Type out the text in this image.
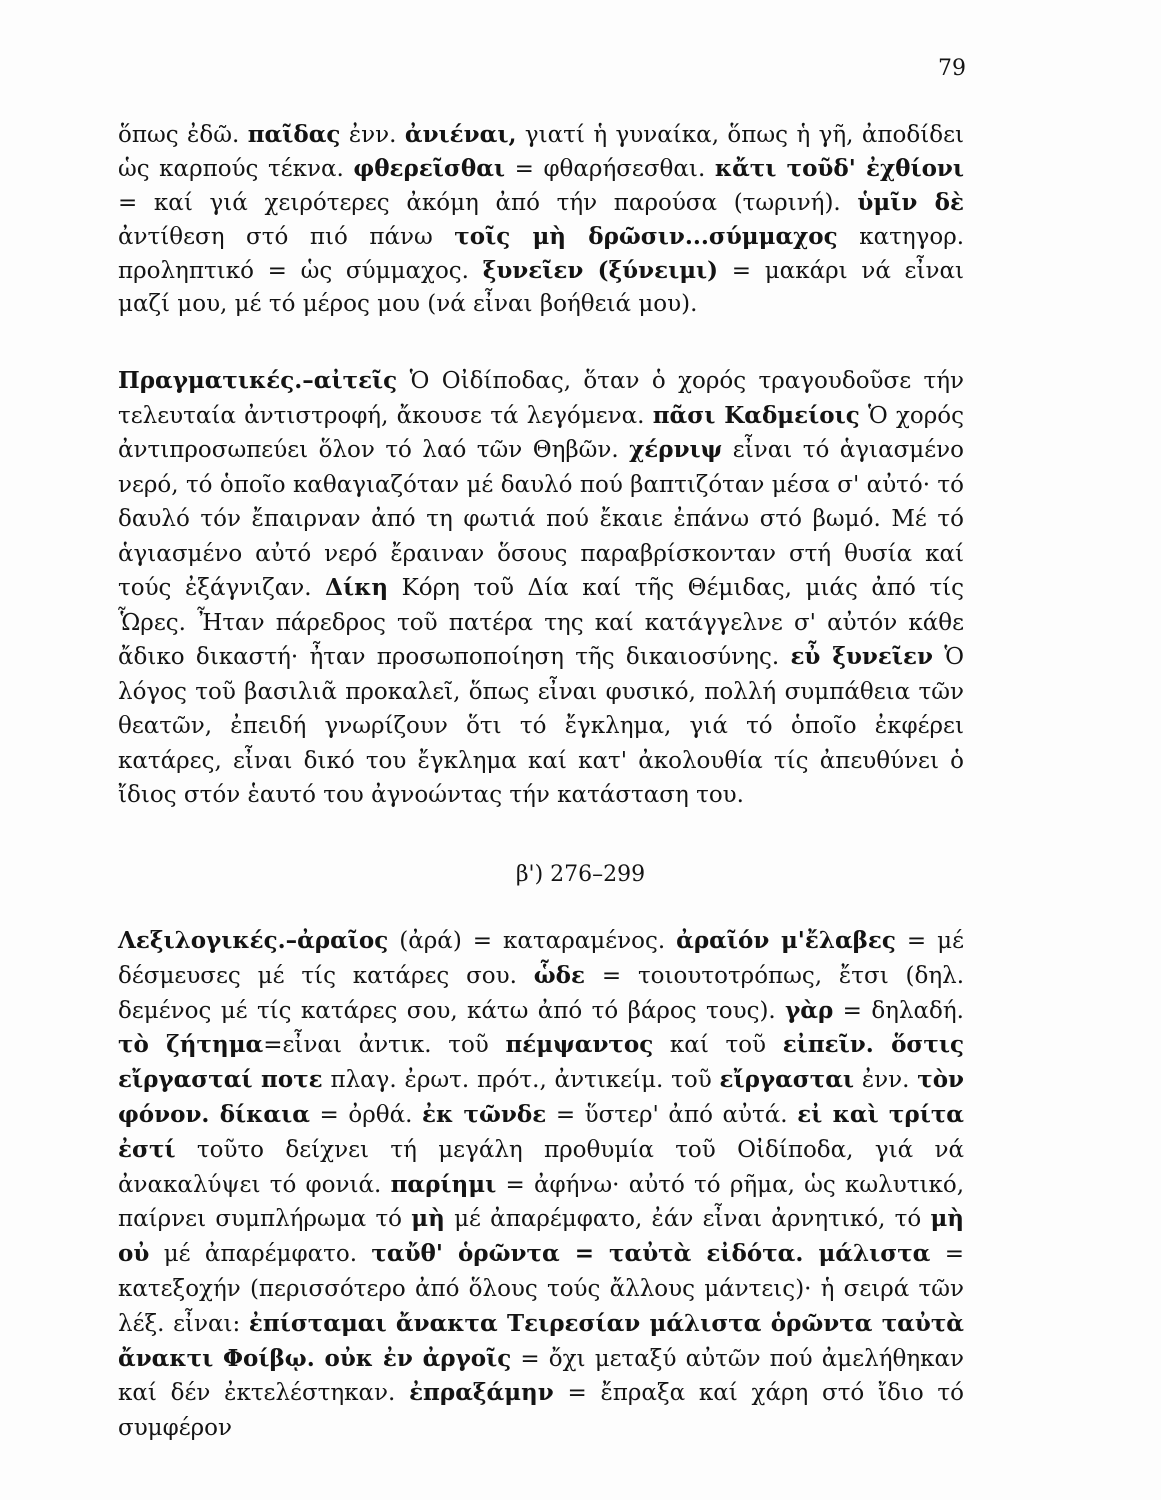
79

ὅπως ἐδῶ. παῖδας ἐνν. ἀνιέναι, γιατί ἡ γυναίκα, ὅπως ἡ γῆ, ἀποδίδει ὡς καρπούς τέκνα. φθερεῖσθαι = φθαρήσεσθαι. κἄτι τοῦδ' ἐχθίονι = καί γιά χειρότερες ἀκόμη ἀπό τήν παρούσα (τωρινή). ὑμῖν δὲ ἀντίθεση στό πιό πάνω τοῖς μὴ δρῶσιν...σύμμαχος κατηγορ. προληπτικό = ὡς σύμμαχος. ξυνεῖεν (ξύνειμι) = μακάρι νά εἶναι μαζί μου, μέ τό μέρος μου (νά εἶναι βοήθειά μου).

Πραγματικές.–αἰτεῖς Ὁ Οἰδίποδας, ὅταν ὁ χορός τραγουδοῦσε τήν τελευταία ἀντιστροφή, ἄκουσε τά λεγόμενα. πᾶσι Καδμείοις Ὁ χορός ἀντιπροσωπεύει ὅλον τό λαό τῶν Θηβῶν. χέρνιψ εἶναι τό ἁγιασμένο νερό, τό ὁποῖο καθαγιαζόταν μέ δαυλό πού βαπτιζόταν μέσα σ' αὐτό· τό δαυλό τόν ἔπαιρναν ἀπό τη φωτιά πού ἔκαιε ἐπάνω στό βωμό. Μέ τό ἁγιασμένο αὐτό νερό ἔραιναν ὅσους παραβρίσκονταν στή θυσία καί τούς ἐξάγνιζαν. Δίκη Κόρη τοῦ Δία καί τῆς Θέμιδας, μιάς ἀπό τίς Ὧρες. Ἦταν πάρεδρος τοῦ πατέρα της καί κατάγγελνε σ' αὐτόν κάθε ἄδικο δικαστή· ἦταν προσωποποίηση τῆς δικαιοσύνης. εὖ ξυνεῖεν Ὁ λόγος τοῦ βασιλιᾶ προκαλεῖ, ὅπως εἶναι φυσικό, πολλή συμπάθεια τῶν θεατῶν, ἐπειδή γνωρίζουν ὅτι τό ἔγκλημα, γιά τό ὁποῖο ἐκφέρει κατάρες, εἶναι δικό του ἔγκλημα καί κατ' ἀκολουθία τίς ἀπευθύνει ὁ ἴδιος στόν ἑαυτό του ἀγνοώντας τήν κατάσταση του.

β') 276–299

Λεξιλογικές.–ἀραῖος (ἀρά) = καταραμένος. ἀραῖόν μ'ἔλαβες = μέ δέσμευσες μέ τίς κατάρες σου. ὧδε = τοιουτοτρόπως, ἔτσι (δηλ. δεμένος μέ τίς κατάρες σου, κάτω ἀπό τό βάρος τους). γὰρ = δηλαδή. τὸ ζήτημα=εἶναι ἀντικ. τοῦ πέμψαντος καί τοῦ εἰπεῖν. ὅστις εἴργασταί ποτε πλαγ. ἐρωτ. πρότ., ἀντικείμ. τοῦ εἴργασται ἐνν. τὸν φόνον. δίκαια = ὀρθά. ἐκ τῶνδε = ὕστερ' ἀπό αὐτά. εἰ καὶ τρίτα ἐστί τοῦτο δείχνει τή μεγάλη προθυμία τοῦ Οἰδίποδα, γιά νά ἀνακαλύψει τό φονιά. παρίημι = ἀφήνω· αὐτό τό ρῆμα, ὡς κωλυτικό, παίρνει συμπλήρωμα τό μὴ μέ ἀπαρέμφατο, ἐάν εἶναι ἀρνητικό, τό μὴ οὐ μέ ἀπαρέμφατο. ταὔθ' ὁρῶντα = ταὐτὰ εἰδότα. μάλιστα = κατεξοχήν (περισσότερο ἀπό ὅλους τούς ἄλλους μάντεις)· ἡ σειρά τῶν λέξ. εἶναι: ἐπίσταμαι ἄνακτα Τειρεσίαν μάλιστα ὁρῶντα ταὐτὰ ἄνακτι Φοίβῳ. οὐκ ἐν ἀργοῖς = ὄχι μεταξύ αὐτῶν πού ἀμελήθηκαν καί δέν ἐκτελέστηκαν. ἐπραξάμην = ἔπραξα καί χάρη στό ἴδιο τό συμφέρον
